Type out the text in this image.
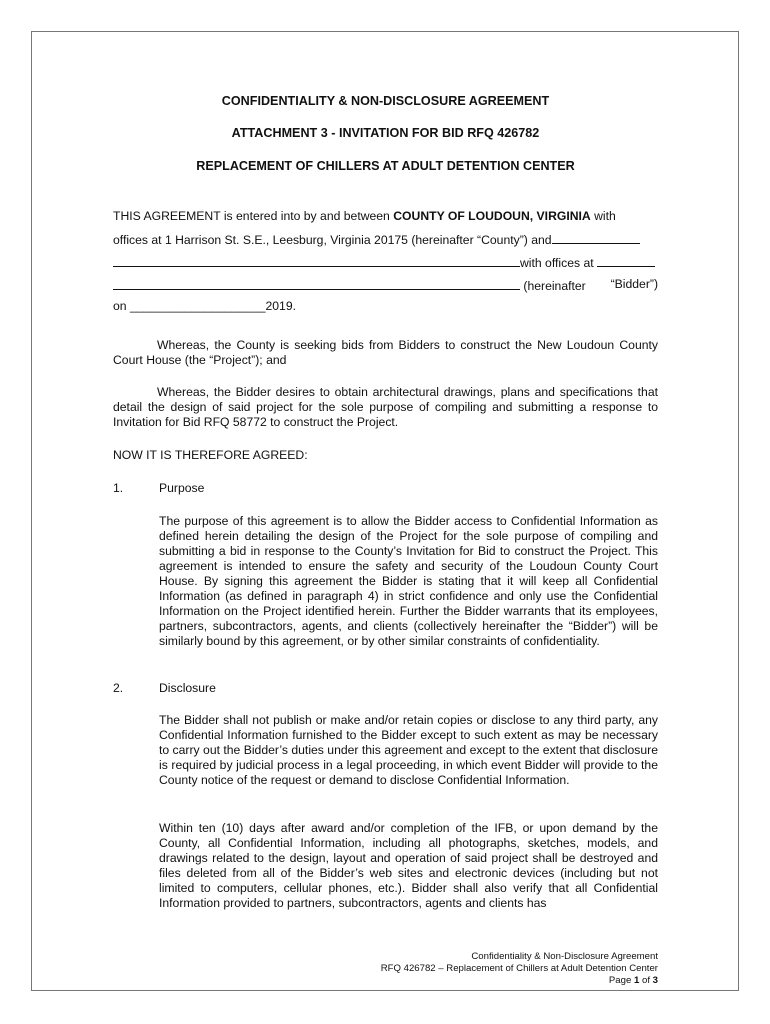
CONFIDENTIALITY & NON-DISCLOSURE AGREEMENT
ATTACHMENT 3 - INVITATION FOR BID RFQ 426782
REPLACEMENT OF CHILLERS AT ADULT DETENTION CENTER
THIS AGREEMENT is entered into by and between COUNTY OF LOUDOUN, VIRGINIA with
offices at 1 Harrison St. S.E., Leesburg, Virginia 20175 (hereinafter “County”) and
with offices at
(hereinafter “Bidder”)
on ____________________2019.
Whereas, the County is seeking bids from Bidders to construct the New Loudoun County Court House (the “Project”); and
Whereas, the Bidder desires to obtain architectural drawings, plans and specifications that detail the design of said project for the sole purpose of compiling and submitting a response to Invitation for Bid RFQ 58772 to construct the Project.
NOW IT IS THEREFORE AGREED:
1.	Purpose
The purpose of this agreement is to allow the Bidder access to Confidential Information as defined herein detailing the design of the Project for the sole purpose of compiling and submitting a bid in response to the County’s Invitation for Bid to construct the Project. This agreement is intended to ensure the safety and security of the Loudoun County Court House. By signing this agreement the Bidder is stating that it will keep all Confidential Information (as defined in paragraph 4) in strict confidence and only use the Confidential Information on the Project identified herein. Further the Bidder warrants that its employees, partners, subcontractors, agents, and clients (collectively hereinafter the “Bidder”) will be similarly bound by this agreement, or by other similar constraints of confidentiality.
2.	Disclosure
The Bidder shall not publish or make and/or retain copies or disclose to any third party, any Confidential Information furnished to the Bidder except to such extent as may be necessary to carry out the Bidder’s duties under this agreement and except to the extent that disclosure is required by judicial process in a legal proceeding, in which event Bidder will provide to the County notice of the request or demand to disclose Confidential Information.
Within ten (10) days after award and/or completion of the IFB, or upon demand by the County, all Confidential Information, including all photographs, sketches, models, and drawings related to the design, layout and operation of said project shall be destroyed and files deleted from all of the Bidder’s web sites and electronic devices (including but not limited to computers, cellular phones, etc.). Bidder shall also verify that all Confidential Information provided to partners, subcontractors, agents and clients has
Confidentiality & Non-Disclosure Agreement
RFQ 426782 – Replacement of Chillers at Adult Detention Center
Page 1 of 3
